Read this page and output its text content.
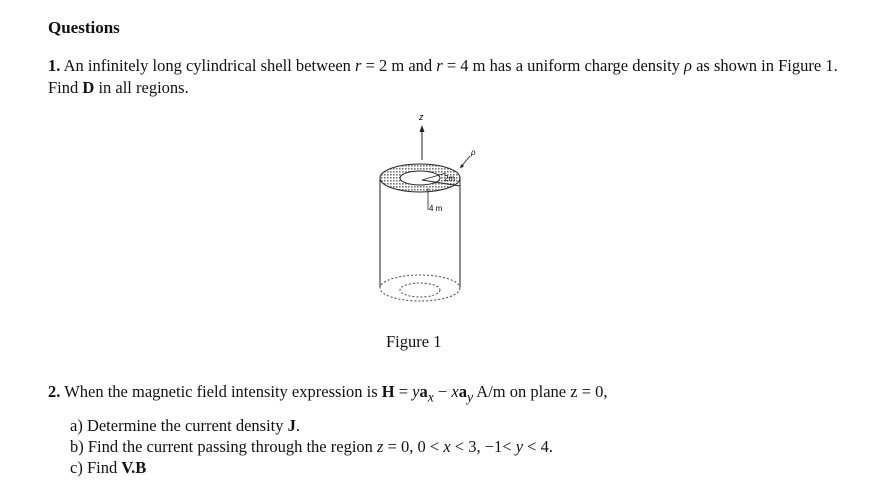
Questions
1. An infinitely long cylindrical shell between r = 2 m and r = 4 m has a uniform charge density ρ as shown in Figure 1. Find D in all regions.
z
ρ
2m
4 m
Figure 1
2. When the magnetic field intensity expression is $H = ya_x - xa_y$ A/m on plane z = 0,
a) Determine the current density J.
b) Find the current passing through the region z = 0, 0 < x < 3, −1< y < 4.
c) Find V.B
